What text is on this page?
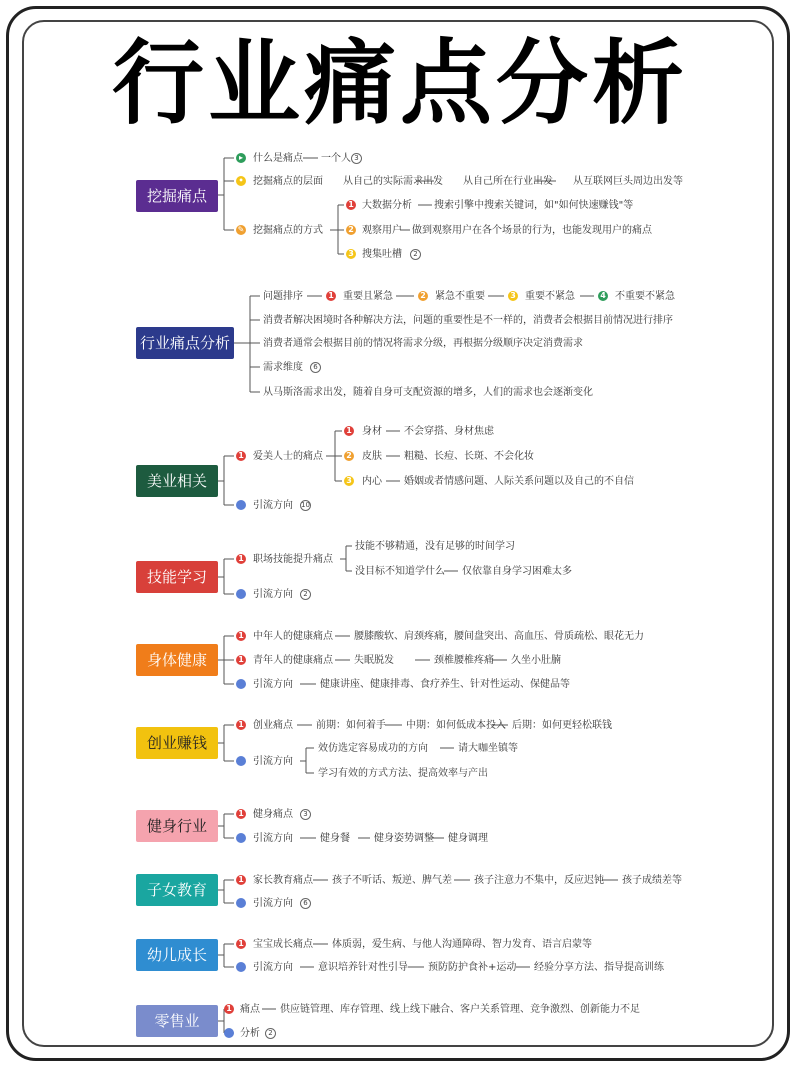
行业痛点分析
挖掘痛点
行业痛点分析
美业相关
技能学习
身体健康
创业赚钱
健身行业
子女教育
幼儿成长
零售业
▸	什么是痛点 一个人 3
• 挖掘痛点的层面 从自己的实际需求出发 从自己所在行业出发 从互联网巨头周边出发等
✎ 挖掘痛点的方式
1 大数据分析 搜索引擎中搜索关键词，如"如何快速赚钱"等
2 观察用户 做到观察用户在各个场景的行为，也能发现用户的痛点
3 搜集吐槽	2
问题排序	1 重要且紧急	2 紧急不重要	3 重要不紧急	4 不重要不紧急
消费者解决困境时各种解决方法，问题的重要性是不一样的，消费者会根据目前情况进行排序
消费者通常会根据目前的情况将需求分级，再根据分级顺序决定消费需求
需求维度	6
从马斯洛需求出发，随着自身可支配资源的增多，人们的需求也会逐渐变化
1 爱美人士的痛点
1 身材 不会穿搭、身材焦虑
2 皮肤 粗糙、长痘、长斑、不会化妆
3 内心 婚姻或者情感问题、人际关系问题以及自己的不自信
引流方向 10
1 职场技能提升痛点
技能不够精通，没有足够的时间学习
没目标不知道学什么 仅依靠自身学习困难太多
引流方向	2
1 中年人的健康痛点 腰膝酸软、肩颈疼痛，腰间盘突出、高血压、骨质疏松、眼花无力
1 青年人的健康痛点 失眠脱发	颈椎腰椎疼痛 久坐小肚腩
引流方向	健康讲座、健康排毒、食疗养生、针对性运动、保健品等
1 创业痛点 前期：如何着手 中期：如何低成本投入 后期：如何更轻松联钱
引流方向
效仿选定容易成功的方向	请大咖坐镇等
学习有效的方式方法、提高效率与产出
1 健身痛点	3
引流方向	健身餐 健身姿势调整 健身调理
1 家长教育痛点 孩子不听话、叛逆、脾气差 孩子注意力不集中，反应迟钝 孩子成绩差等
引流方向	6
1 宝宝成长痛点 体质弱，爱生病、与他人沟通障碍、智力发育、语言启蒙等
引流方向	意识培养针对性引导 预防防护食补+运动 经验分享方法、指导提高训练
1 痛点 供应链管理、库存管理、线上线下融合、客户关系管理、竞争激烈、创新能力不足
分析	2
